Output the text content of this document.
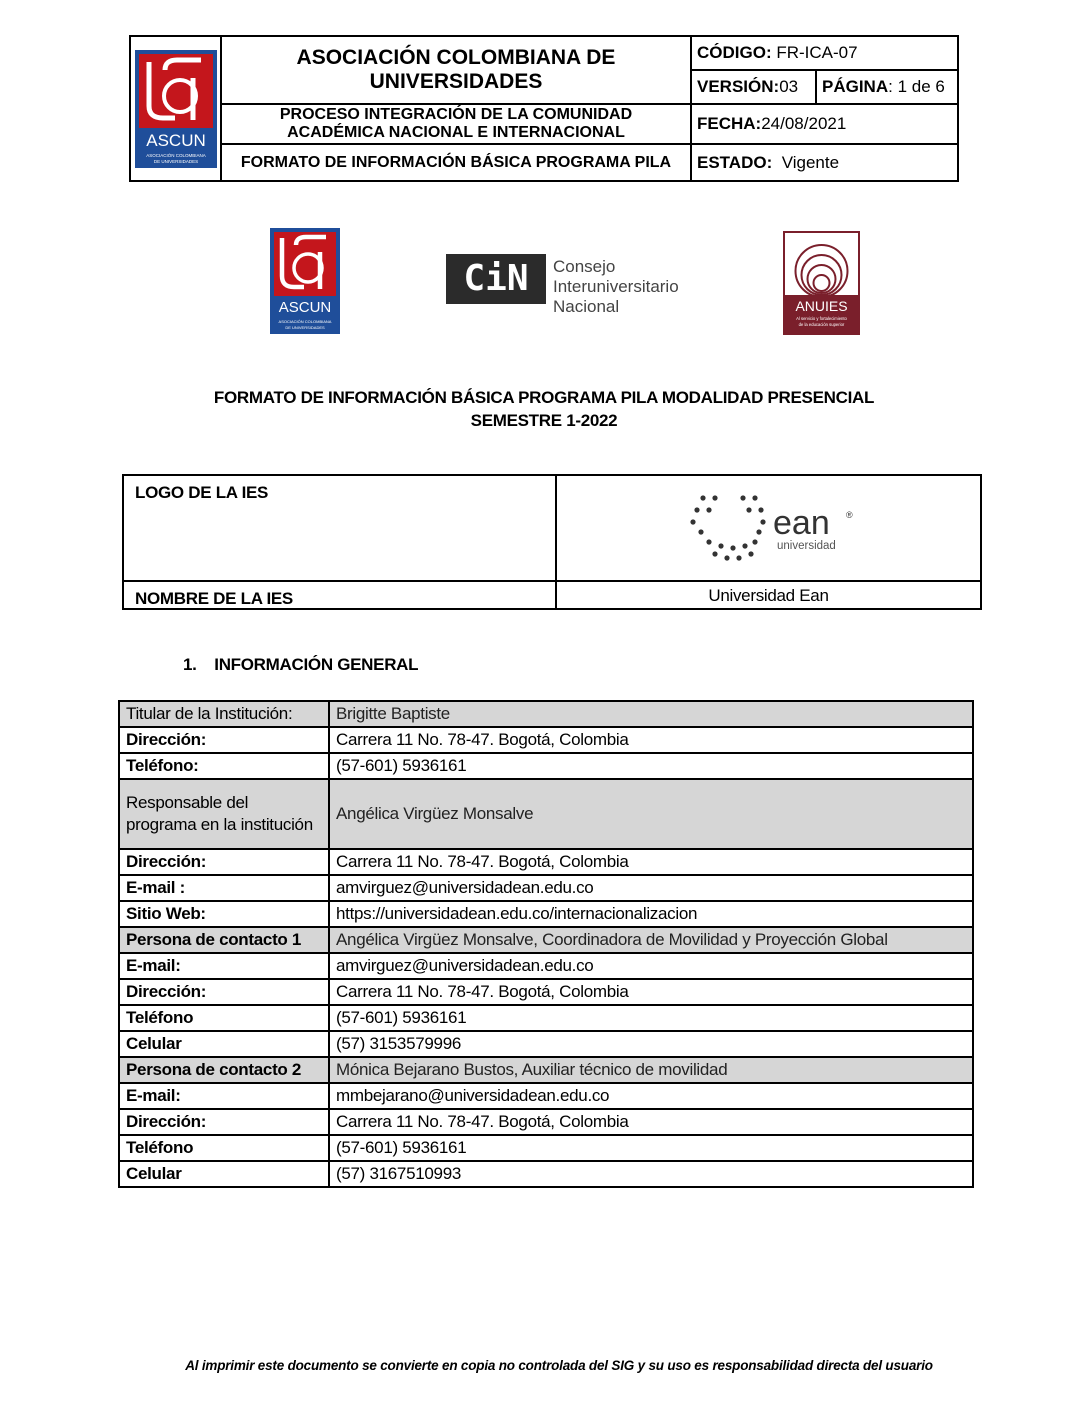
ASCUN
ASOCIACIÓN COLOMBIANA
DE UNIVERSIDADES
ASOCIACIÓN COLOMBIANA DE UNIVERSIDADES
PROCESO INTEGRACIÓN DE LA COMUNIDAD ACADÉMICA NACIONAL E INTERNACIONAL
FORMATO DE INFORMACIÓN BÁSICA PROGRAMA PILA
CÓDIGO:
FR-ICA-07
VERSIÓN: 03 PÁGINA : 1 de 6
FECHA: 24/08/2021
ESTADO:
Vigente
ASCUN
ASOCIACIÓN COLOMBIANA
DE UNIVERSIDADES
CiN	Consejo
Interuniversitario
Nacional	ANUIES
Al servicio y fortalecimiento
de la educación superior
FORMATO DE INFORMACIÓN BÁSICA PROGRAMA PILA MODALIDAD PRESENCIAL
SEMESTRE 1-2022
LOGO DE LA IES
NOMBRE DE LA IES	Universidad Ean
ean ®
universidad
1.    INFORMACIÓN GENERAL
Titular de la Institución:	Brigitte Baptiste
Dirección:	Carrera 11 No. 78-47. Bogotá, Colombia
Teléfono:	(57-601) 5936161
Responsable del programa en la institución	Angélica Virgüez Monsalve
Dirección:	Carrera 11 No. 78-47. Bogotá, Colombia
E-mail :	amvirguez@universidadean.edu.co
Sitio Web:	https://universidadean.edu.co/internacionalizacion
Persona de contacto 1	Angélica Virgüez Monsalve, Coordinadora de Movilidad y Proyección Global
E-mail:	amvirguez@universidadean.edu.co
Dirección:	Carrera 11 No. 78-47. Bogotá, Colombia
Teléfono	(57-601) 5936161
Celular	(57) 3153579996
Persona de contacto 2	Mónica Bejarano Bustos, Auxiliar técnico de movilidad
E-mail:	mmbejarano@universidadean.edu.co
Dirección:	Carrera 11 No. 78-47. Bogotá, Colombia
Teléfono	(57-601) 5936161
Celular	(57) 3167510993
Al imprimir este documento se convierte en copia no controlada del SIG y su uso es responsabilidad directa del usuario
